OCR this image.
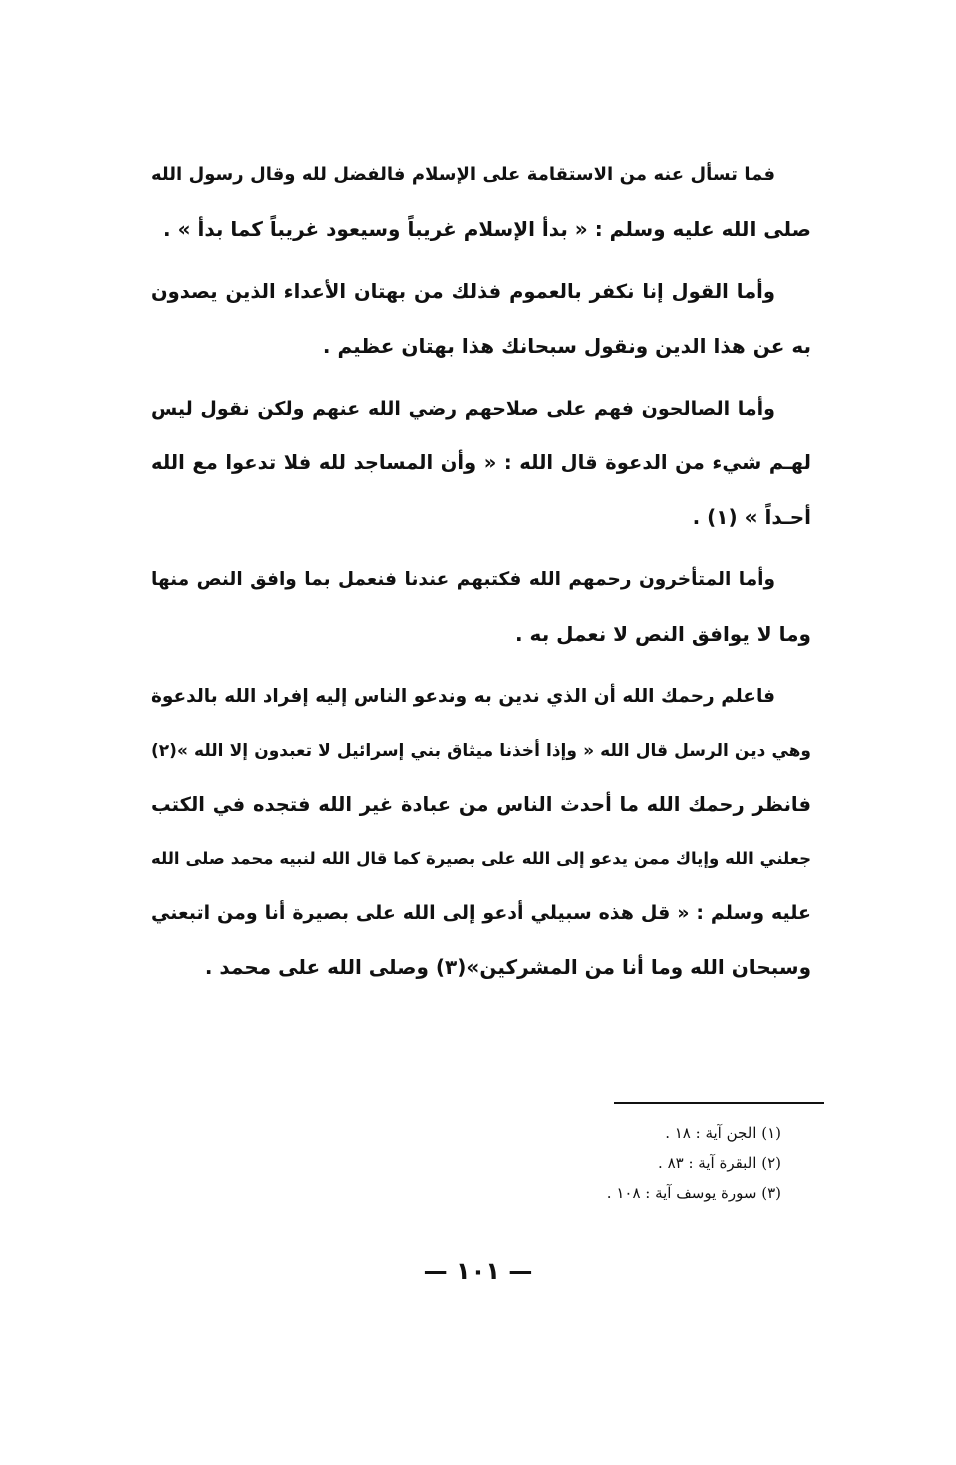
فما تسأل عنه من الاستقامة على الإسلام فالفضل لله وقال رسول الله
صلى الله عليه وسلم : « بدأ الإسلام غريباً وسيعود غريباً كما بدأ » .

وأما القول إنا نكفر بالعموم فذلك من بهتان الأعداء الذين يصدون
به عن هذا الدين ونقول سبحانك هذا بهتان عظيم .

وأما الصالحون فهم على صلاحهم رضي الله عنهم ولكن نقول ليس
لهـم شيء من الدعوة قال الله : « وأن المساجد لله فلا تدعوا مع الله
أحـداً » (١) .

وأما المتأخرون رحمهم الله فكتبهم عندنا فنعمل بما وافق النص منها
وما لا يوافق النص لا نعمل به .

فاعلم رحمك الله أن الذي ندين به وندعو الناس إليه إفراد الله بالدعوة
وهي دين الرسل قال الله « وإذا أخذنا ميثاق بني إسرائيل لا تعبدون إلا الله »(٢)
فانظر رحمك الله ما أحدث الناس من عبادة غير الله فتجده في الكتب
جعلني الله وإياك ممن يدعو إلى الله على بصيرة كما قال الله لنبيه محمد صلى الله
عليه وسلم : « قل هذه سبيلي أدعو إلى الله على بصيرة أنا ومن اتبعني
وسبحان الله وما أنا من المشركين»(٣) وصلى الله على محمد .

(١) الجن آية : ١٨ .
(٢) البقرة آية : ٨٣ .
(٣) سورة يوسف آية : ١٠٨ .
— ١٠١ —
